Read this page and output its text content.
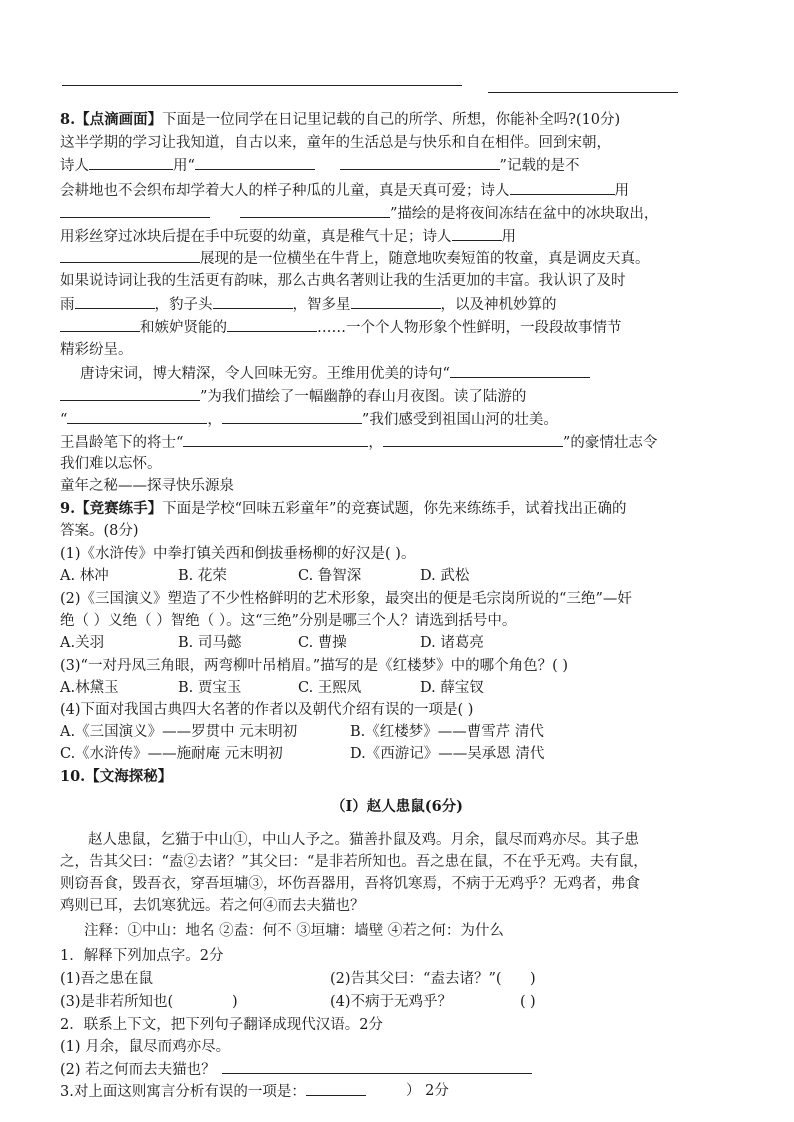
8.【点滴画面】下面是一位同学在日记里记载的自己的所学、所想，你能补全吗?(10分)
这半学期的学习让我知道，自古以来，童年的生活总是与快乐和自在相伴。回到宋朝，
诗人	用“	”记载的是不
会耕地也不会织布却学着大人的样子种瓜的儿童，真是天真可爱；诗人	用
”描绘的是将夜间冻结在盆中的冰块取出，
用彩丝穿过冰块后提在手中玩耍的幼童，真是稚气十足；诗人	用
展现的是一位横坐在牛背上，随意地吹奏短笛的牧童，真是调皮天真。
如果说诗词让我的生活更有韵味，那么古典名著则让我的生活更加的丰富。我认识了及时
雨	，豹子头	，智多星	，以及神机妙算的
和嫉妒贤能的	……一个个人物形象个性鲜明，一段段故事情节
精彩纷呈。
唐诗宋词，博大精深，令人回味无穷。王维用优美的诗句“
”为我们描绘了一幅幽静的春山月夜图。读了陆游的
“	，	”我们感受到祖国山河的壮美。
王昌龄笔下的将士“	，	”的豪情壮志令
我们难以忘怀。
童年之秘——探寻快乐源泉
9.【竞赛练手】下面是学校“回味五彩童年”的竞赛试题，你先来练练手，试着找出正确的
答案。(8分)
(1)《水浒传》中拳打镇关西和倒拔垂杨柳的好汉是( )。
A. 林冲	B. 花荣	C. 鲁智深	D. 武松
(2)《三国演义》塑造了不少性格鲜明的艺术形象，最突出的便是毛宗岗所说的“三绝”—奸
绝（ ）义绝（ ）智绝（ ）。这“三绝”分别是哪三个人？请选到括号中。
A.关羽	B. 司马懿	C. 曹操	D. 诸葛亮
(3)“一对丹凤三角眼，两弯柳叶吊梢眉。”描写的是《红楼梦》中的哪个角色？( )
A.林黛玉	B. 贾宝玉	C. 王熙凤	D. 薛宝钗
(4)下面对我国古典四大名著的作者以及朝代介绍有误的一项是( )
A.《三国演义》——罗贯中 元末明初	B.《红楼梦》——曹雪芹 清代
C.《水浒传》——施耐庵 元末明初	D.《西游记》——吴承恩 清代
10.【文海探秘】
（Ⅰ）赵人患鼠(6分)
赵人患鼠，乞猫于中山①，中山人予之。猫善扑鼠及鸡。月余，鼠尽而鸡亦尽。其子患
之，告其父曰：“盍②去诸？”其父曰：“是非若所知也。吾之患在鼠，不在乎无鸡。夫有鼠，
则窃吾食，毁吾衣，穿吾垣墉③，坏伤吾器用，吾将饥寒焉，不病于无鸡乎？无鸡者，弗食
鸡则已耳，去饥寒犹远。若之何④而去夫猫也？
注释：①中山：地名 ②盍：何不 ③垣墉：墙壁 ④若之何：为什么
1．解释下列加点字。2分
(1)吾之患在鼠	(2)告其父曰：“盍去诸？”( )
(3)是非若所知也(	)	(4)不病于无鸡乎？	( )
2．联系上下文，把下列句子翻译成现代汉语。2分
(1) 月余，鼠尽而鸡亦尽。
(2) 若之何而去夫猫也？
3.对上面这则寓言分析有误的一项是：	） 2分
